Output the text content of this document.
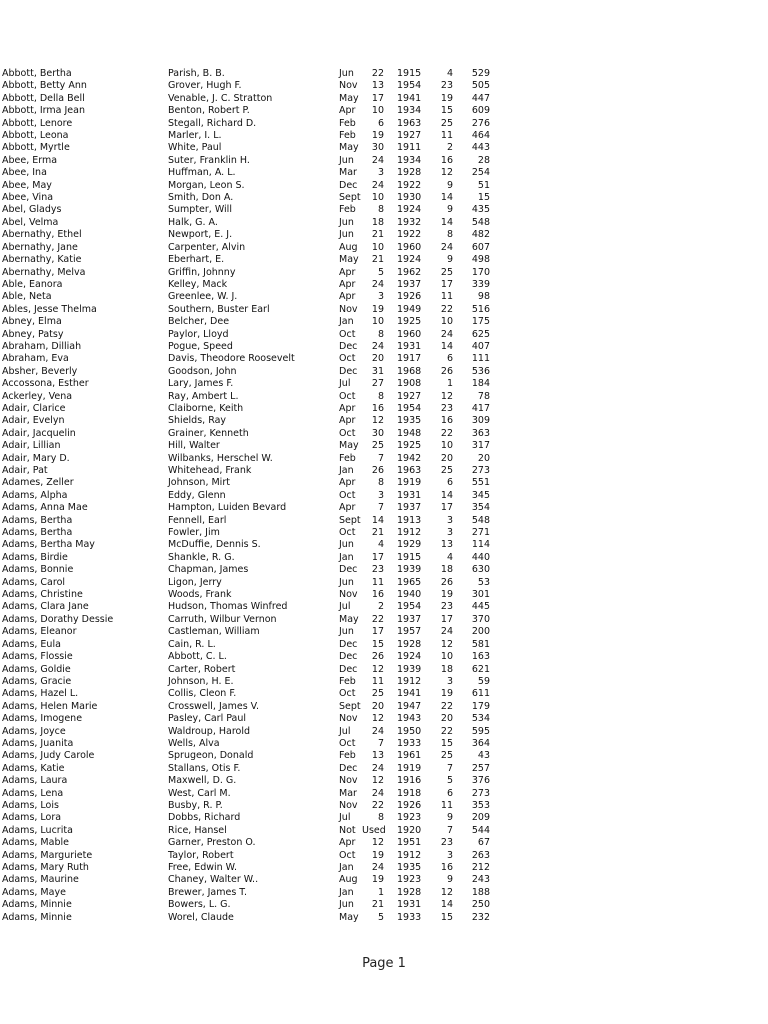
Abbott, Bertha	Parish, B. B.	Jun	22 1915	4	529
Abbott, Betty Ann	Grover, Hugh F.	Nov	13 1954	23	505
Abbott, Della Bell	Venable, J. C. Stratton	May	17 1941	19	447
Abbott, Irma Jean	Benton, Robert P.	Apr	10 1934	15	609
Abbott, Lenore	Stegall, Richard D.	Feb	6 1963	25	276
Abbott, Leona	Marler, I. L.	Feb	19 1927	11	464
Abbott, Myrtle	White, Paul	May	30 1911	2	443
Abee, Erma	Suter, Franklin H.	Jun	24 1934	16	28
Abee, Ina	Huffman, A. L.	Mar	3 1928	12	254
Abee, May	Morgan, Leon S.	Dec	24 1922	9	51
Abee, Vina	Smith, Don A.	Sept	10 1930	14	15
Abel, Gladys	Sumpter, Will	Feb	8 1924	9	435
Abel, Velma	Halk, G. A.	Jun	18 1932	14	548
Abernathy, Ethel	Newport, E. J.	Jun	21 1922	8	482
Abernathy, Jane	Carpenter, Alvin	Aug	10 1960	24	607
Abernathy, Katie	Eberhart, E.	May	21 1924	9	498
Abernathy, Melva	Griffin, Johnny	Apr	5 1962	25	170
Able, Eanora	Kelley, Mack	Apr	24 1937	17	339
Able, Neta	Greenlee, W. J.	Apr	3 1926	11	98
Ables, Jesse Thelma	Southern, Buster Earl	Nov	19 1949	22	516
Abney, Elma	Belcher, Dee	Jan	10 1925	10	175
Abney, Patsy	Paylor, Lloyd	Oct	8 1960	24	625
Abraham, Dilliah	Pogue, Speed	Dec	24 1931	14	407
Abraham, Eva	Davis, Theodore Roosevelt	Oct	20 1917	6	111
Absher, Beverly	Goodson, John	Dec	31 1968	26	536
Accossona, Esther	Lary, James F.	Jul	27 1908	1	184
Ackerley, Vena	Ray, Ambert L.	Oct	8 1927	12	78
Adair, Clarice	Claiborne, Keith	Apr	16 1954	23	417
Adair, Evelyn	Shields, Ray	Apr	12 1935	16	309
Adair, Jacquelin	Grainer, Kenneth	Oct	30 1948	22	363
Adair, Lillian	Hill, Walter	May	25 1925	10	317
Adair, Mary D.	Wilbanks, Herschel W.	Feb	7 1942	20	20
Adair, Pat	Whitehead, Frank	Jan	26 1963	25	273
Adames, Zeller	Johnson, Mirt	Apr	8 1919	6	551
Adams, Alpha	Eddy, Glenn	Oct	3 1931	14	345
Adams, Anna Mae	Hampton, Luiden Bevard	Apr	7 1937	17	354
Adams, Bertha	Fennell, Earl	Sept	14 1913	3	548
Adams, Bertha	Fowler, Jim	Oct	21 1912	3	271
Adams, Bertha May	McDuffie, Dennis S.	Jun	4 1929	13	114
Adams, Birdie	Shankle, R. G.	Jan	17 1915	4	440
Adams, Bonnie	Chapman, James	Dec	23 1939	18	630
Adams, Carol	Ligon, Jerry	Jun	11 1965	26	53
Adams, Christine	Woods, Frank	Nov	16 1940	19	301
Adams, Clara Jane	Hudson, Thomas Winfred	Jul	2 1954	23	445
Adams, Dorathy Dessie	Carruth, Wilbur Vernon	May	22 1937	17	370
Adams, Eleanor	Castleman, William	Jun	17 1957	24	200
Adams, Eula	Cain, R. L.	Dec	15 1928	12	581
Adams, Flossie	Abbott, C. L.	Dec	26 1924	10	163
Adams, Goldie	Carter, Robert	Dec	12 1939	18	621
Adams, Gracie	Johnson, H. E.	Feb	11 1912	3	59
Adams, Hazel L.	Collis, Cleon F.	Oct	25 1941	19	611
Adams, Helen Marie	Crosswell, James V.	Sept	20 1947	22	179
Adams, Imogene	Pasley, Carl Paul	Nov	12 1943	20	534
Adams, Joyce	Waldroup, Harold	Jul	24 1950	22	595
Adams, Juanita	Wells, Alva	Oct	7 1933	15	364
Adams, Judy Carole	Sprugeon, Donald	Feb	13 1961	25	43
Adams, Katie	Stallans, Otis F.	Dec	24 1919	7	257
Adams, Laura	Maxwell, D. G.	Nov	12 1916	5	376
Adams, Lena	West, Carl M.	Mar	24 1918	6	273
Adams, Lois	Busby, R. P.	Nov	22 1926	11	353
Adams, Lora	Dobbs, Richard	Jul	8 1923	9	209
Adams, Lucrita	Rice, Hansel	Not Used 1920	7	544
Adams, Mable	Garner, Preston O.	Apr	12 1951	23	67
Adams, Marguriete	Taylor, Robert	Oct	19 1912	3	263
Adams, Mary Ruth	Free, Edwin W.	Jan	24 1935	16	212
Adams, Maurine	Chaney, Walter W..	Aug	19 1923	9	243
Adams, Maye	Brewer, James T.	Jan	1 1928	12	188
Adams, Minnie	Bowers, L. G.	Jun	21 1931	14	250
Adams, Minnie	Worel, Claude	May	5 1933	15	232
Page 1
